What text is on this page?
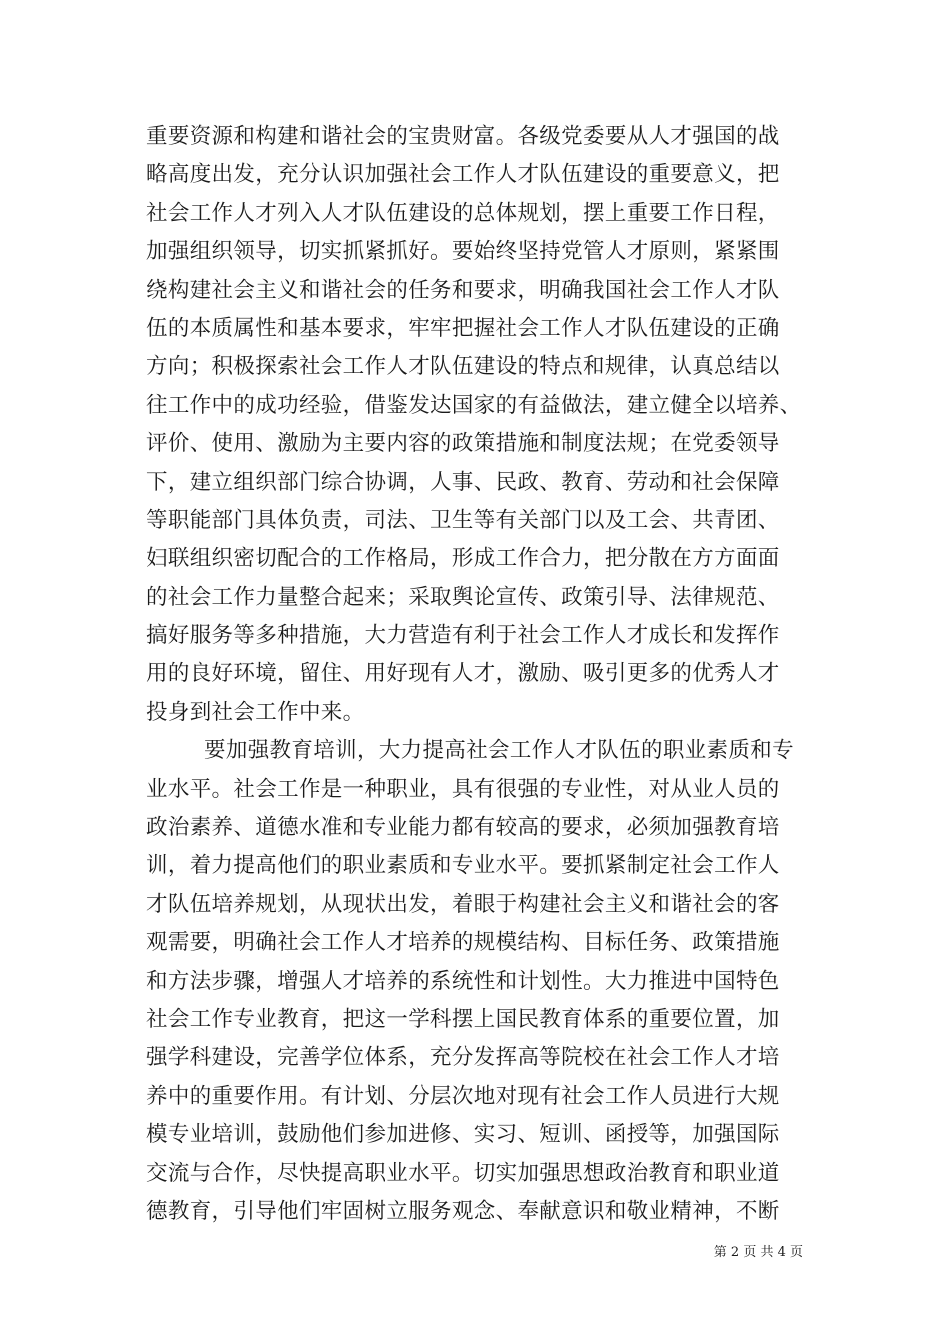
重要资源和构建和谐社会的宝贵财富。各级党委要从人才强国的战
略高度出发，充分认识加强社会工作人才队伍建设的重要意义，把
社会工作人才列入人才队伍建设的总体规划，摆上重要工作日程，
加强组织领导，切实抓紧抓好。要始终坚持党管人才原则，紧紧围
绕构建社会主义和谐社会的任务和要求，明确我国社会工作人才队
伍的本质属性和基本要求，牢牢把握社会工作人才队伍建设的正确
方向；积极探索社会工作人才队伍建设的特点和规律，认真总结以
往工作中的成功经验，借鉴发达国家的有益做法，建立健全以培养、
评价、使用、激励为主要内容的政策措施和制度法规；在党委领导
下，建立组织部门综合协调，人事、民政、教育、劳动和社会保障
等职能部门具体负责，司法、卫生等有关部门以及工会、共青团、
妇联组织密切配合的工作格局，形成工作合力，把分散在方方面面
的社会工作力量整合起来；采取舆论宣传、政策引导、法律规范、
搞好服务等多种措施，大力营造有利于社会工作人才成长和发挥作
用的良好环境，留住、用好现有人才，激励、吸引更多的优秀人才
投身到社会工作中来。
要加强教育培训，大力提高社会工作人才队伍的职业素质和专
业水平。社会工作是一种职业，具有很强的专业性，对从业人员的
政治素养、道德水准和专业能力都有较高的要求，必须加强教育培
训，着力提高他们的职业素质和专业水平。要抓紧制定社会工作人
才队伍培养规划，从现状出发，着眼于构建社会主义和谐社会的客
观需要，明确社会工作人才培养的规模结构、目标任务、政策措施
和方法步骤，增强人才培养的系统性和计划性。大力推进中国特色
社会工作专业教育，把这一学科摆上国民教育体系的重要位置，加
强学科建设，完善学位体系，充分发挥高等院校在社会工作人才培
养中的重要作用。有计划、分层次地对现有社会工作人员进行大规
模专业培训，鼓励他们参加进修、实习、短训、函授等，加强国际
交流与合作，尽快提高职业水平。切实加强思想政治教育和职业道
德教育，引导他们牢固树立服务观念、奉献意识和敬业精神，不断
第 2 页 共 4 页
